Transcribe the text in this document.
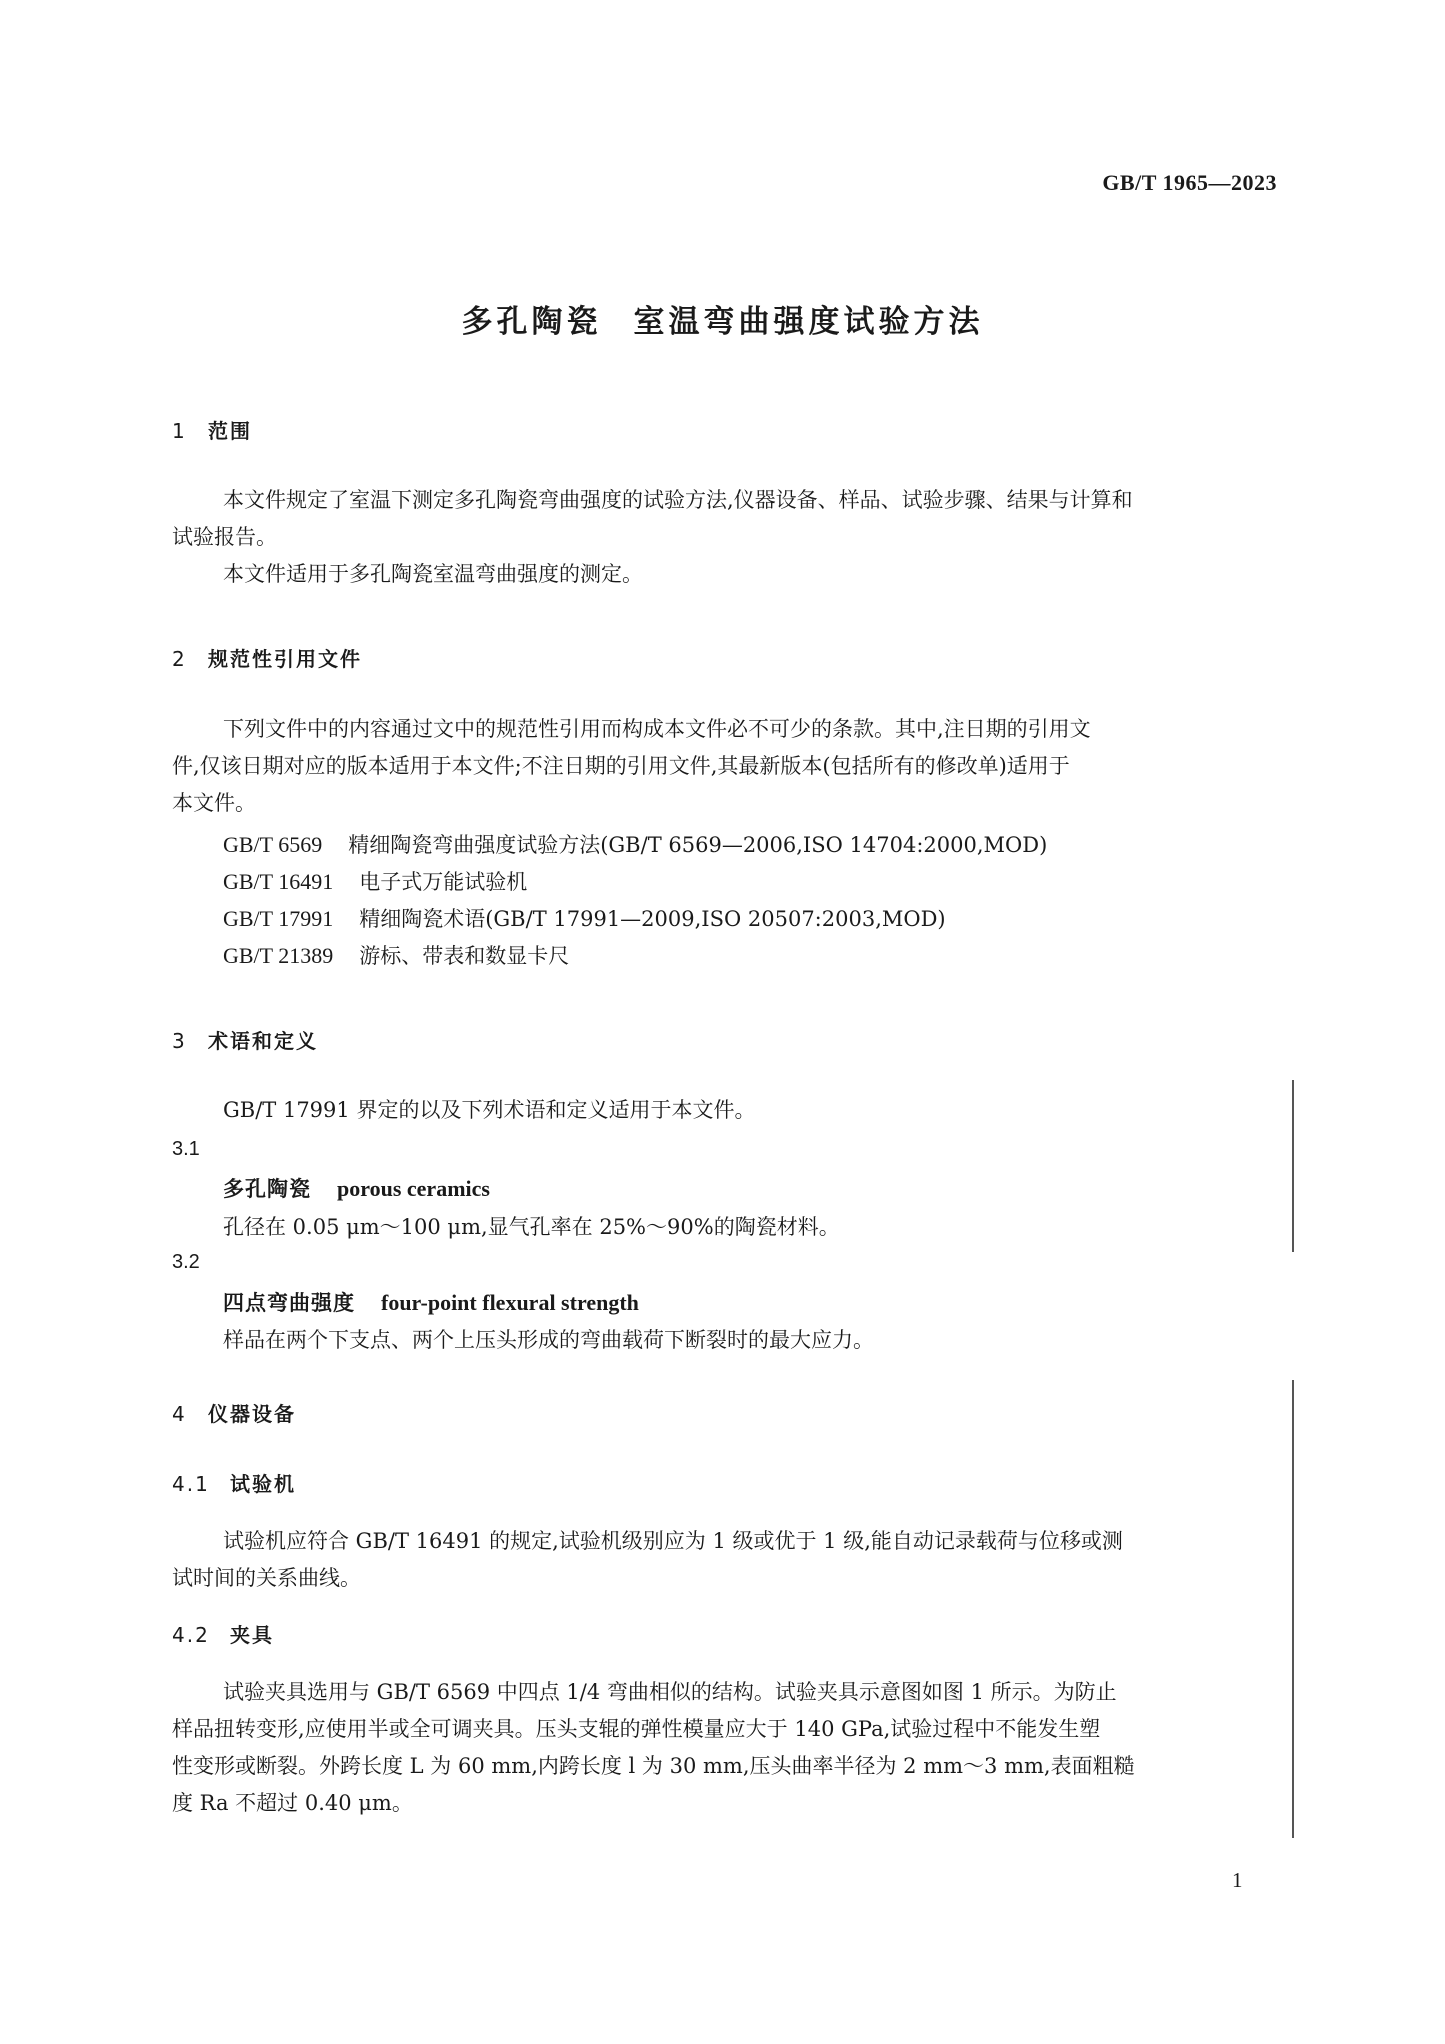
GB/T 1965—2023
多孔陶瓷 室温弯曲强度试验方法
1 范围
本文件规定了室温下测定多孔陶瓷弯曲强度的试验方法,仪器设备、样品、试验步骤、结果与计算和
试验报告。
本文件适用于多孔陶瓷室温弯曲强度的测定。
2 规范性引用文件
下列文件中的内容通过文中的规范性引用而构成本文件必不可少的条款。其中,注日期的引用文
件,仅该日期对应的版本适用于本文件;不注日期的引用文件,其最新版本(包括所有的修改单)适用于
本文件。
GB/T 6569 精细陶瓷弯曲强度试验方法(GB/T 6569—2006,ISO 14704:2000,MOD)
GB/T 16491 电子式万能试验机
GB/T 17991 精细陶瓷术语(GB/T 17991—2009,ISO 20507:2003,MOD)
GB/T 21389 游标、带表和数显卡尺
3 术语和定义
GB/T 17991 界定的以及下列术语和定义适用于本文件。
3.1
多孔陶瓷 porous ceramics
孔径在 0.05 μm～100 μm,显气孔率在 25%～90%的陶瓷材料。
3.2
四点弯曲强度 four-point flexural strength
样品在两个下支点、两个上压头形成的弯曲载荷下断裂时的最大应力。
4 仪器设备
4.1 试验机
试验机应符合 GB/T 16491 的规定,试验机级别应为 1 级或优于 1 级,能自动记录载荷与位移或测
试时间的关系曲线。
4.2 夹具
试验夹具选用与 GB/T 6569 中四点 1/4 弯曲相似的结构。试验夹具示意图如图 1 所示。为防止
样品扭转变形,应使用半或全可调夹具。压头支辊的弹性模量应大于 140 GPa,试验过程中不能发生塑
性变形或断裂。外跨长度 L 为 60 mm,内跨长度 l 为 30 mm,压头曲率半径为 2 mm～3 mm,表面粗糙
度 Ra 不超过 0.40 μm。
1
